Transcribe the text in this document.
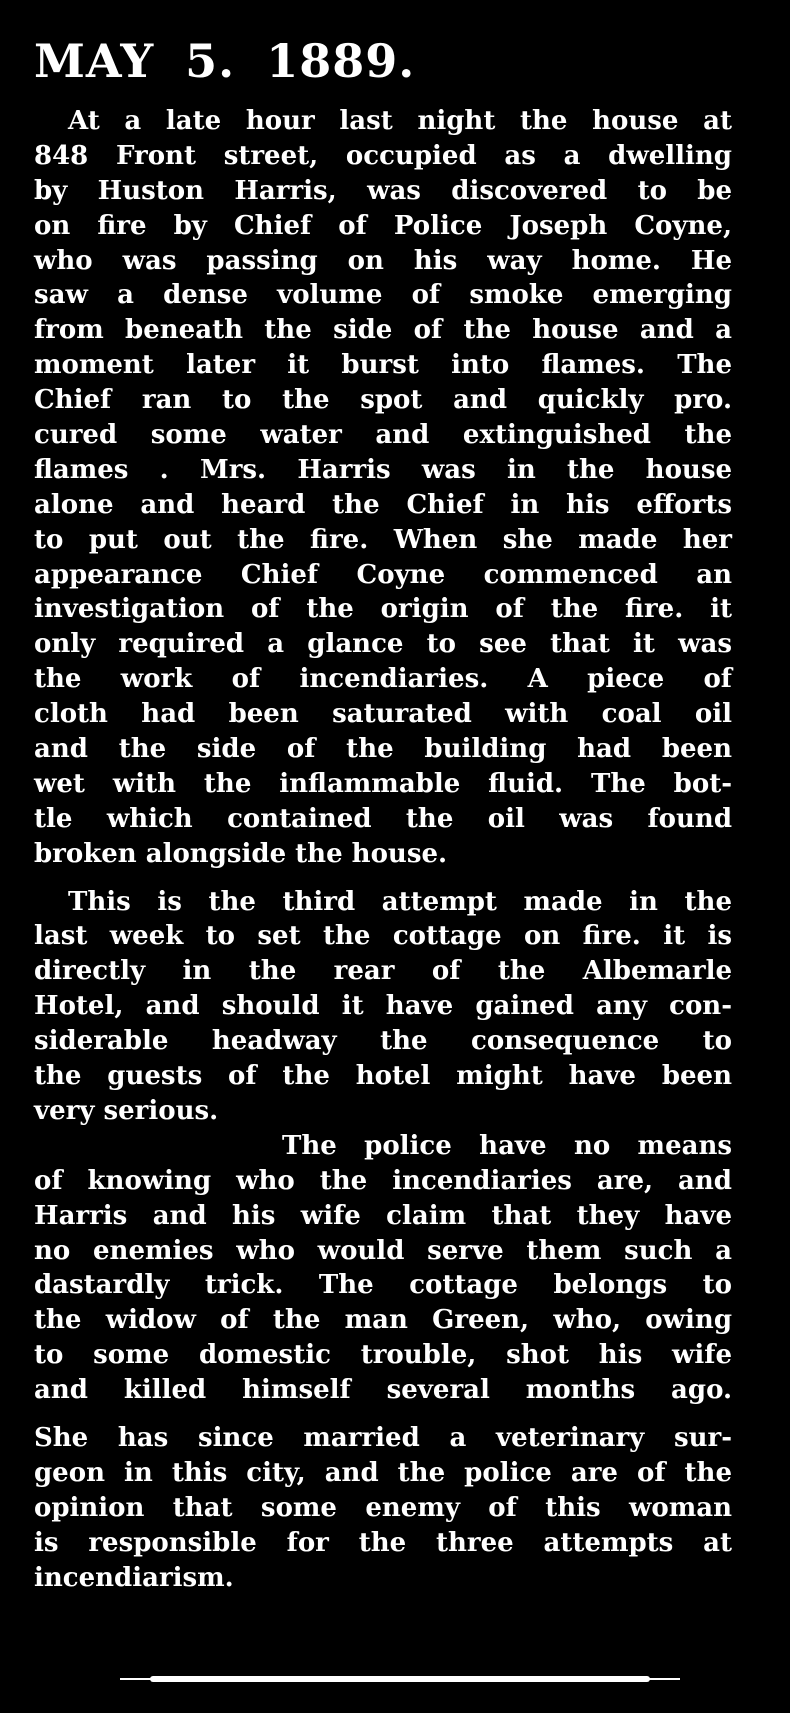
MAY 5. 1889.
At a late hour last night the house at
848 Front street, occupied as a dwelling
by Huston Harris, was discovered to be
on fire by Chief of Police Joseph Coyne,
who was passing on his way home. He
saw a dense volume of smoke emerging
from beneath the side of the house and a
moment later it burst into flames. The
Chief ran to the spot and quickly pro.
cured some water and extinguished the
flames . Mrs. Harris was in the house
alone and heard the Chief in his efforts
to put out the fire. When she made her
appearance Chief Coyne commenced an
investigation of the origin of the fire. it
only required a glance to see that it was
the work of incendiaries. A piece of
cloth had been saturated with coal oil
and the side of the building had been
wet with the inflammable fluid. The bot-
tle which contained the oil was found
broken alongside the house.
This is the third attempt made in the
last week to set the cottage on fire. it is
directly in the rear of the Albemarle
Hotel, and should it have gained any con-
siderable headway the consequence to
the guests of the hotel might have been
very serious.
The police have no means
of knowing who the incendiaries are, and
Harris and his wife claim that they have
no enemies who would serve them such a
dastardly trick. The cottage belongs to
the widow of the man Green, who, owing
to some domestic trouble, shot his wife
and killed himself several months ago.
She has since married a veterinary sur-
geon in this city, and the police are of the
opinion that some enemy of this woman
is responsible for the three attempts at
incendiarism.
